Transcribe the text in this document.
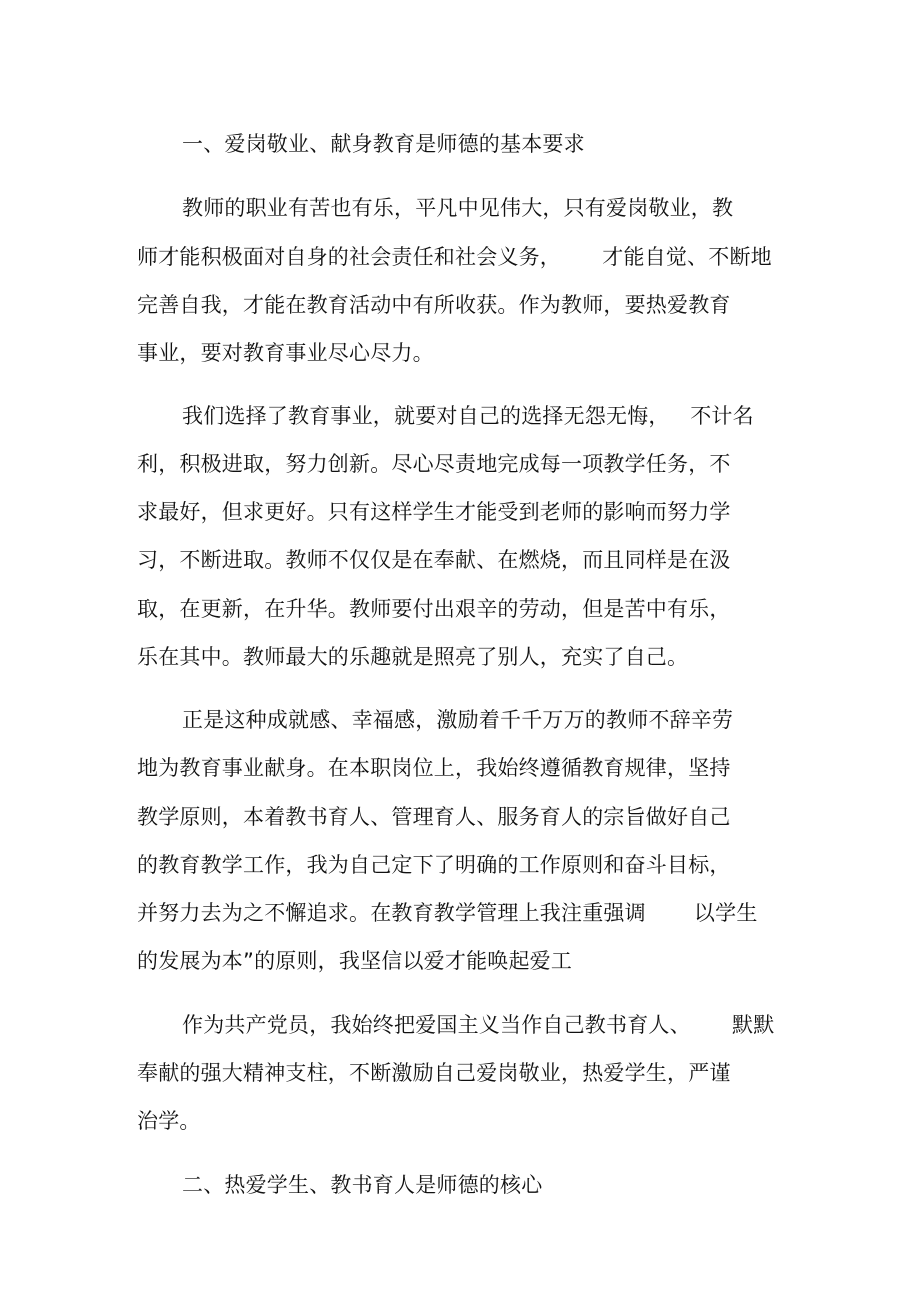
一、爱岗敬业、献身教育是师德的基本要求
教师的职业有苦也有乐，平凡中见伟大，只有爱岗敬业，教
师才能积极面对自身的社会责任和社会义务，      才能自觉、不断地
完善自我，才能在教育活动中有所收获。作为教师，要热爱教育
事业，要对教育事业尽心尽力。
我们选择了教育事业，就要对自己的选择无怨无悔，   不计名
利，积极进取，努力创新。尽心尽责地完成每一项教学任务，不
求最好，但求更好。只有这样学生才能受到老师的影响而努力学
习，不断进取。教师不仅仅是在奉献、在燃烧，而且同样是在汲
取，在更新，在升华。教师要付出艰辛的劳动，但是苦中有乐，
乐在其中。教师最大的乐趣就是照亮了别人，充实了自己。
正是这种成就感、幸福感，激励着千千万万的教师不辞辛劳
地为教育事业献身。在本职岗位上，我始终遵循教育规律，坚持
教学原则，本着教书育人、管理育人、服务育人的宗旨做好自己
的教育教学工作，我为自己定下了明确的工作原则和奋斗目标，
并努力去为之不懈追求。在教育教学管理上我注重强调       以学生
的发展为本”的原则，我坚信以爱才能唤起爱工
作为共产党员，我始终把爱国主义当作自己教书育人、      默默
奉献的强大精神支柱，不断激励自己爱岗敬业，热爱学生，严谨
治学。
二、热爱学生、教书育人是师德的核心
